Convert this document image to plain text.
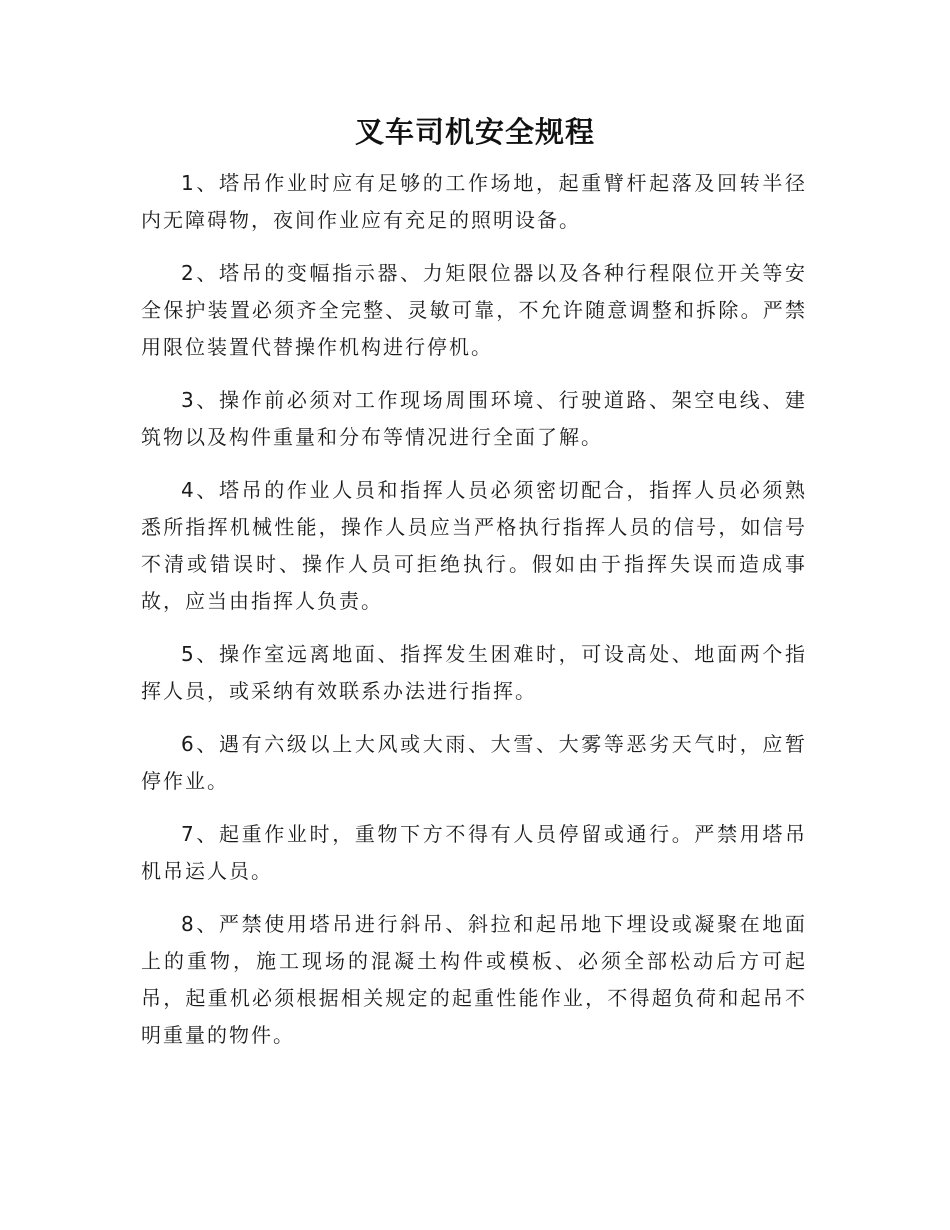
叉车司机安全规程

1、塔吊作业时应有足够的工作场地，起重臂杆起落及回转半径内无障碍物，夜间作业应有充足的照明设备。

2、塔吊的变幅指示器、力矩限位器以及各种行程限位开关等安全保护装置必须齐全完整、灵敏可靠，不允许随意调整和拆除。严禁用限位装置代替操作机构进行停机。

3、操作前必须对工作现场周围环境、行驶道路、架空电线、建筑物以及构件重量和分布等情况进行全面了解。

4、塔吊的作业人员和指挥人员必须密切配合，指挥人员必须熟悉所指挥机械性能，操作人员应当严格执行指挥人员的信号，如信号不清或错误时、操作人员可拒绝执行。假如由于指挥失误而造成事故，应当由指挥人负责。

5、操作室远离地面、指挥发生困难时，可设高处、地面两个指挥人员，或采纳有效联系办法进行指挥。

6、遇有六级以上大风或大雨、大雪、大雾等恶劣天气时，应暂停作业。

7、起重作业时，重物下方不得有人员停留或通行。严禁用塔吊机吊运人员。

8、严禁使用塔吊进行斜吊、斜拉和起吊地下埋设或凝聚在地面上的重物，施工现场的混凝土构件或模板、必须全部松动后方可起吊，起重机必须根据相关规定的起重性能作业，不得超负荷和起吊不明重量的物件。
